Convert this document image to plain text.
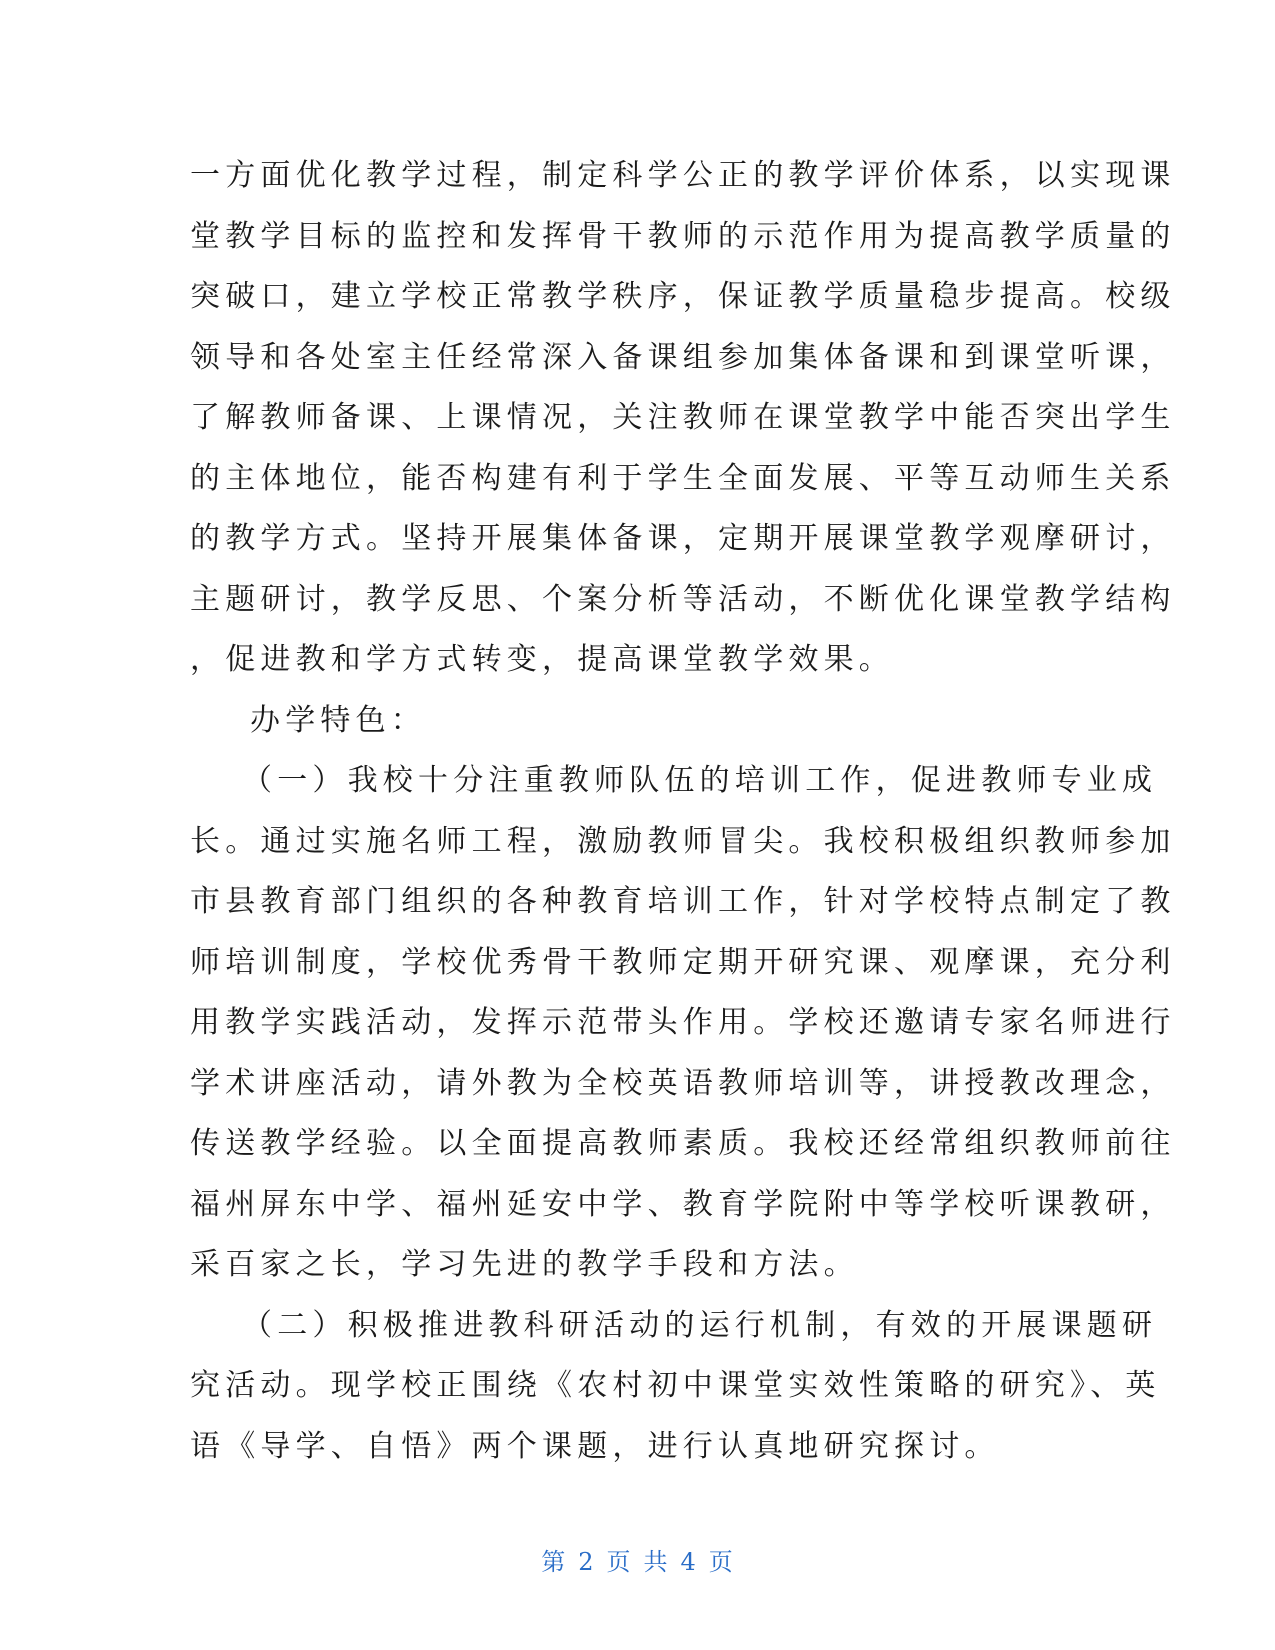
一方面优化教学过程，制定科学公正的教学评价体系，以实现课
堂教学目标的监控和发挥骨干教师的示范作用为提高教学质量的
突破口，建立学校正常教学秩序，保证教学质量稳步提高。校级
领导和各处室主任经常深入备课组参加集体备课和到课堂听课，
了解教师备课、上课情况，关注教师在课堂教学中能否突出学生
的主体地位，能否构建有利于学生全面发展、平等互动师生关系
的教学方式。坚持开展集体备课，定期开展课堂教学观摩研讨，
主题研讨，教学反思、个案分析等活动，不断优化课堂教学结构
，促进教和学方式转变，提高课堂教学效果。
办学特色：
（一）我校十分注重教师队伍的培训工作，促进教师专业成
长。通过实施名师工程，激励教师冒尖。我校积极组织教师参加
市县教育部门组织的各种教育培训工作，针对学校特点制定了教
师培训制度，学校优秀骨干教师定期开研究课、观摩课，充分利
用教学实践活动，发挥示范带头作用。学校还邀请专家名师进行
学术讲座活动，请外教为全校英语教师培训等，讲授教改理念，
传送教学经验。以全面提高教师素质。我校还经常组织教师前往
福州屏东中学、福州延安中学、教育学院附中等学校听课教研，
采百家之长，学习先进的教学手段和方法。
（二）积极推进教科研活动的运行机制，有效的开展课题研
究活动。现学校正围绕《农村初中课堂实效性策略的研究》、英
语《导学、自悟》两个课题，进行认真地研究探讨。
第 2 页 共 4 页
